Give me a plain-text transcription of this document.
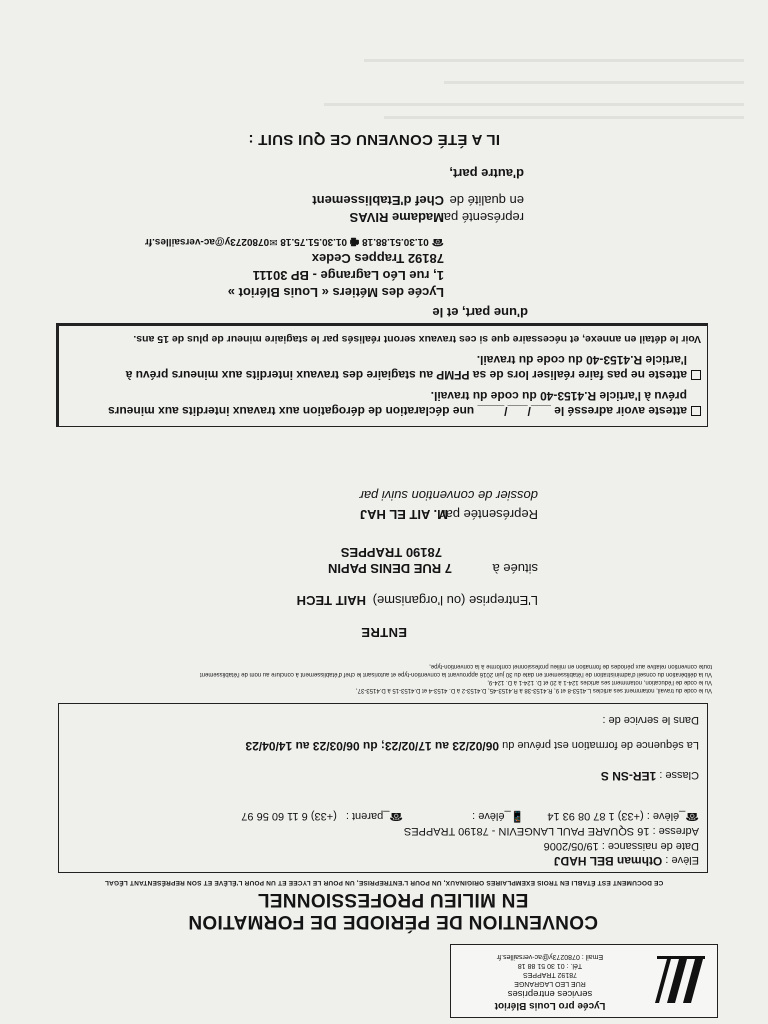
Lycée pro Louis Blériot
services entreprises
RUE LEO LAGRANGE
78192 TRAPPES
Tél. : 01 30 51 88 18
Email : 0780273y@ac-versailles.fr
CONVENTION DE PÉRIODE DE FORMATION
EN MILIEU PROFESSIONNEL
CE DOCUMENT EST ÉTABLI EN TROIS EXEMPLAIRES ORIGINAUX, UN POUR L'ENTREPRISE, UN POUR LE LYCEE ET UN POUR L'ÉLÈVE ET SON REPRÉSENTANT LÉGAL
Elève : Othman BEL HADJ
Date de naissance : 19/05/2006
Adresse : 16 SQUARE PAUL LANGEVIN - 78190 TRAPPES
☎_élève : (+33) 1 87 08 93 14 📱_élève : ☎_parent : (+33) 6 11 60 56 97
Classe : 1ER-SN S
La séquence de formation est prévue du 06/02/23 au 17/02/23; du 06/03/23 au 14/04/23
Dans le service de :
Vu le code du travail, notamment ses articles L.4153-8 et 9, R.4153-38 à R.4153-45, D.4153-2 à D. 4153-4 et D.4153-15 à D.4153-37,
Vu le code de l'éducation, notamment ses articles 124-1 à 20 et D. 124-1 à D. 124-9,
Vu la délibération du conseil d'administration de l'établissement en date du 30 juin 2016 approuvant la convention-type et autorisant le chef d'établissement à conclure au nom de l'établissement
toute convention relative aux périodes de formation en milieu professionnel conforme à la convention-type,
ENTRE
L'Entreprise (ou l'organisme)
HAIT TECH
située à
7 RUE DENIS PAPIN
78190 TRAPPES
Représentée par
M. AIT EL HAJ
dossier de convention suivi par
atteste avoir adressé le ___/___/____ une déclaration de dérogation aux travaux interdits aux mineurs
prévu à l'article R.4153-40 du code du travail.
atteste ne pas faire réaliser lors de sa PFMP au stagiaire des travaux interdits aux mineurs prévu à
l'article R.4153-40 du code du travail.
Voir le détail en annexe, et nécessaire que si ces travaux seront réalisés par le stagiaire mineur de plus de 15 ans.
d'une part, et le
Lycée des Métiers « Louis Blériot »
1, rue Léo Lagrange - BP 30111
78192 Trappes Cedex
☎ 01.30.51.88.18 🖷 01.30.51.75.18 ✉0780273y@ac-versailles.fr
représenté par
Madame RIVAS
en qualité de
Chef d'Etablissement
d'autre part,
IL A ÉTÉ CONVENU CE QUI SUIT :
